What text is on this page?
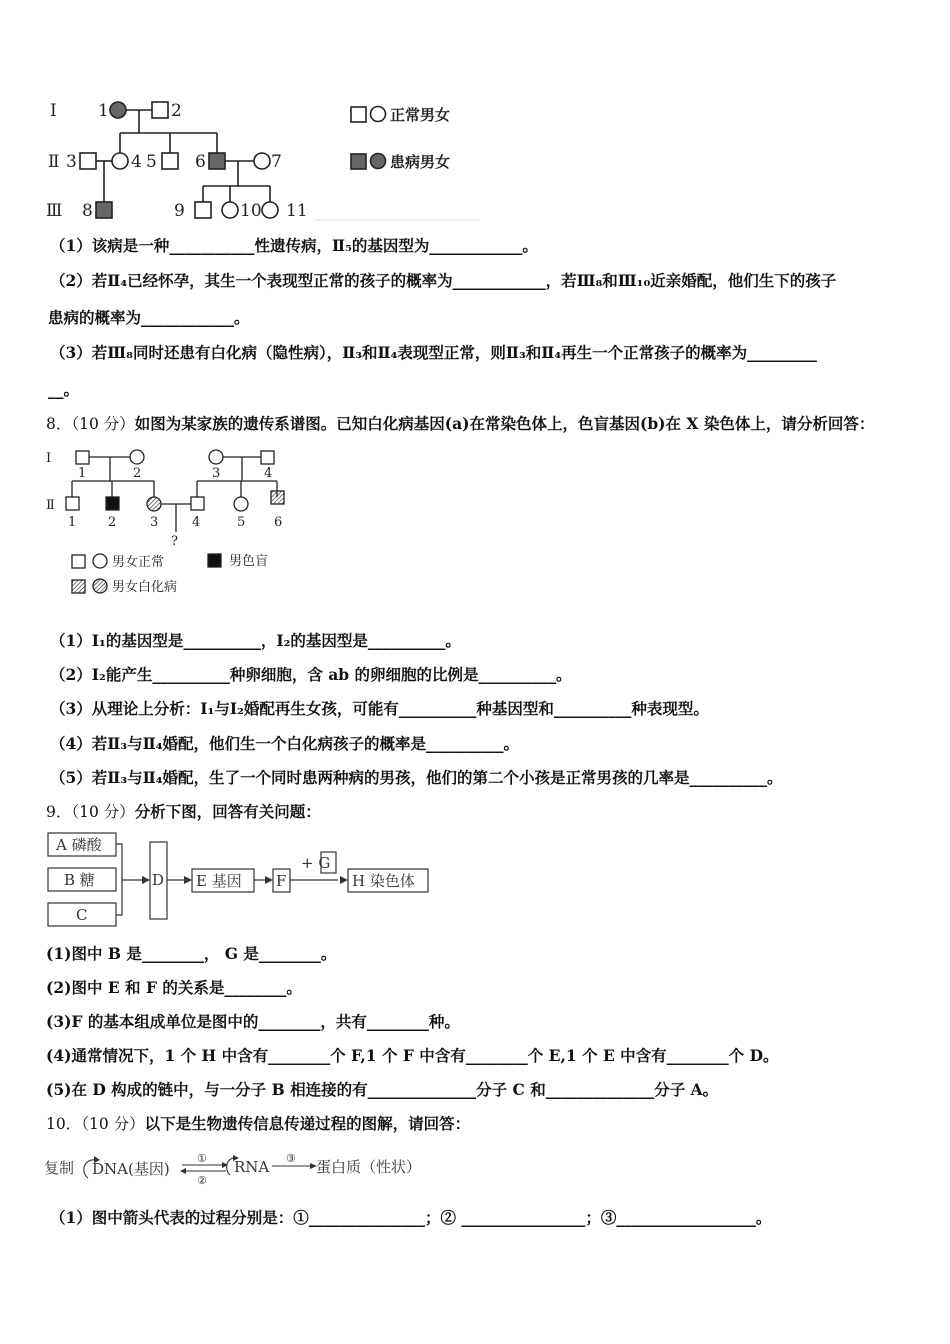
Ⅰ
Ⅱ
Ⅲ
1	2
3	4 5 6	7
8	9	10 11
正常男女
患病男女
（1）该病是一种___________性遗传病，Ⅱ₅的基因型为____________。
（2）若Ⅱ₄已经怀孕，其生一个表现型正常的孩子的概率为____________，若Ⅲ₈和Ⅲ₁₀近亲婚配，他们生下的孩子
患病的概率为____________。
（3）若Ⅲ₈同时还患有白化病（隐性病），Ⅱ₃和Ⅱ₄表现型正常，则Ⅱ₃和Ⅱ₄再生一个正常孩子的概率为_________
__。
8．（10 分）如图为某家族的遗传系谱图。已知白化病基因(a)在常染色体上，色盲基因(b)在 X 染色体上，请分析回答：
Ⅰ
Ⅱ
1	2	3	4
1 2	3	4	5 6
?
男女正常	男色盲
男女白化病
（1）Ⅰ₁的基因型是__________，Ⅰ₂的基因型是__________。
（2）Ⅰ₂能产生__________种卵细胞，含 ab 的卵细胞的比例是__________。
（3）从理论上分析：Ⅰ₁与Ⅰ₂婚配再生女孩，可能有__________种基因型和__________种表现型。
（4）若Ⅱ₃与Ⅱ₄婚配，他们生一个白化病孩子的概率是__________。
（5）若Ⅱ₃与Ⅱ₄婚配，生了一个同时患两种病的男孩，他们的第二个小孩是正常男孩的几率是__________。
9．（10 分）分析下图，回答有关问题：
A 磷酸
B 糖
C
D E 基因 F
+ G
H 染色体
(1)图中 B 是________， G 是________。
(2)图中 E 和 F 的关系是________。
(3)F 的基本组成单位是图中的________，共有________种。
(4)通常情况下，1 个 H 中含有________个 F,1 个 F 中含有________个 E,1 个 E 中含有________个 D。
(5)在 D 构成的链中，与一分子 B 相连接的有______________分子 C 和______________分子 A。
10．（10 分）以下是生物遗传信息传递过程的图解，请回答：
复制 DNA(基因)
①
②
RNA ③ 蛋白质（性状）
（1）图中箭头代表的过程分别是：①_______________；② ________________；③__________________。
